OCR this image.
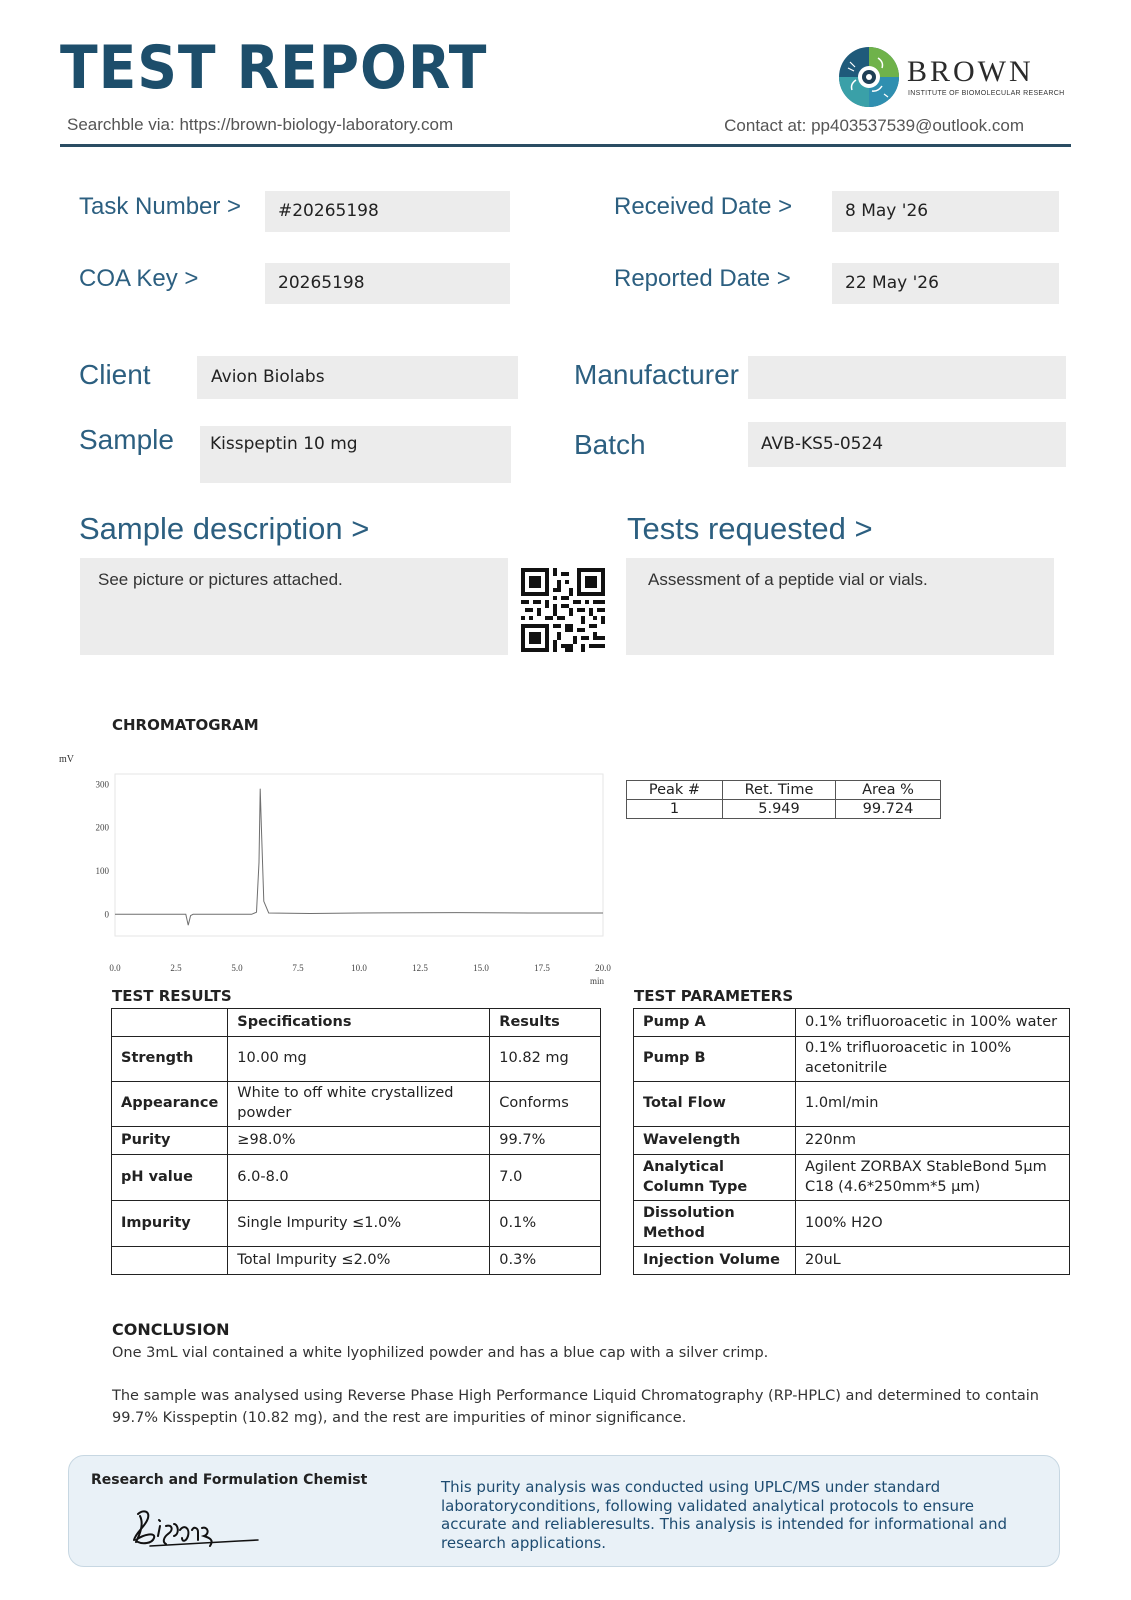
TEST REPORT
Searchble via: https://brown-biology-laboratory.com	Contact at: pp403537539@outlook.com
BROWN
INSTITUTE OF BIOMOLECULAR RESEARCH
Task Number >	#20265198	Received Date >	8 May '26
COA Key >	20265198	Reported Date >	22 May '26
Client	Avion Biolabs	Manufacturer
Sample	Kisspeptin 10 mg	Batch	AVB-KS5-0524
Sample description >
See picture or pictures attached.
Tests requested >
Assessment of a peptide vial or vials.
CHROMATOGRAM
mV
0
100
200
300
0.0	2.5	5.0	7.5	10.0	12.5	15.0	17.5	20.0
min
Peak #	Ret. Time	Area %
1	5.949	99.724
TEST RESULTS
	Specifications	Results
Strength	10.00 mg	10.82 mg
Appearance	White to off white crystallized powder	Conforms
Purity	≥98.0%	99.7%
pH value	6.0-8.0	7.0
Impurity	Single Impurity ≤1.0%	0.1%
	Total Impurity ≤2.0%	0.3%
TEST PARAMETERS
Pump A	0.1% trifluoroacetic in 100% water
Pump B	0.1% trifluoroacetic in 100% acetonitrile
Total Flow	1.0ml/min
Wavelength	220nm
Analytical Column Type	Agilent ZORBAX StableBond 5µm C18 (4.6*250mm*5 µm)
Dissolution Method	100% H2O
Injection Volume	20uL
CONCLUSION
One 3mL vial contained a white lyophilized powder and has a blue cap with a silver crimp.
The sample was analysed using Reverse Phase High Performance Liquid Chromatography (RP-HPLC) and determined to contain 99.7% Kisspeptin (10.82 mg), and the rest are impurities of minor significance.
Research and Formulation Chemist	This purity analysis was conducted using UPLC/MS under standard laboratoryconditions, following validated analytical protocols to ensure accurate and reliableresults. This analysis is intended for informational and research applications.
